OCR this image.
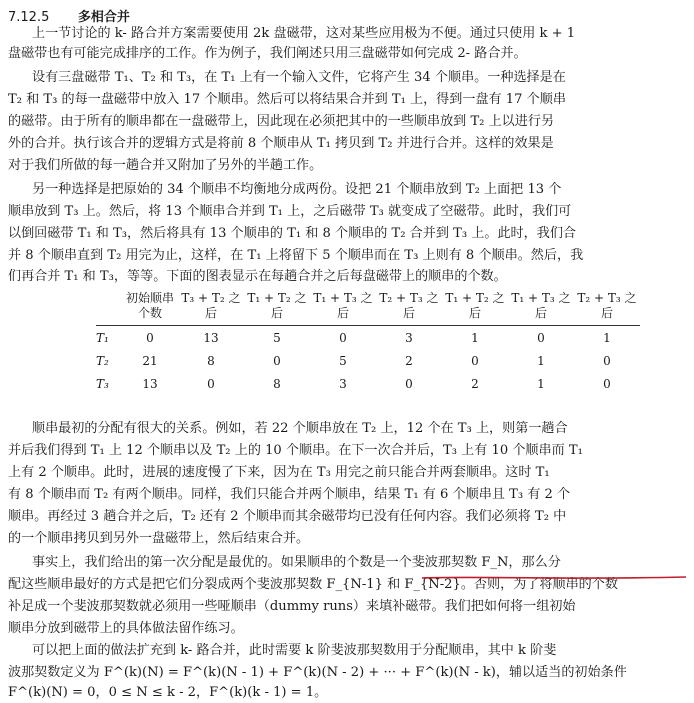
7.12.5 多相合并
上一节讨论的 k- 路合并方案需要使用 2k 盘磁带，这对某些应用极为不便。通过只使用 k + 1
盘磁带也有可能完成排序的工作。作为例子，我们阐述只用三盘磁带如何完成 2- 路合并。
设有三盘磁带 T₁、T₂ 和 T₃，在 T₁ 上有一个输入文件，它将产生 34 个顺串。一种选择是在
T₂ 和 T₃ 的每一盘磁带中放入 17 个顺串。然后可以将结果合并到 T₁ 上，得到一盘有 17 个顺串
的磁带。由于所有的顺串都在一盘磁带上，因此现在必须把其中的一些顺串放到 T₂ 上以进行另
外的合并。执行该合并的逻辑方式是将前 8 个顺串从 T₁ 拷贝到 T₂ 并进行合并。这样的效果是
对于我们所做的每一趟合并又附加了另外的半趟工作。
另一种选择是把原始的 34 个顺串不均衡地分成两份。设把 21 个顺串放到 T₂ 上面把 13 个
顺串放到 T₃ 上。然后，将 13 个顺串合并到 T₁ 上，之后磁带 T₃ 就变成了空磁带。此时，我们可
以倒回磁带 T₁ 和 T₃，然后将具有 13 个顺串的 T₁ 和 8 个顺串的 T₂ 合并到 T₃ 上。此时，我们合
并 8 个顺串直到 T₂ 用完为止，这样，在 T₁ 上将留下 5 个顺串而在 T₃ 上则有 8 个顺串。然后，我
们再合并 T₁ 和 T₃，等等。下面的图表显示在每趟合并之后每盘磁带上的顺串的个数。
	初始顺串个数	T₃ + T₂ 之后	T₁ + T₂ 之后	T₁ + T₃ 之后	T₂ + T₃ 之后	T₁ + T₂ 之后	T₁ + T₃ 之后	T₂ + T₃ 之后
T₁	0	13	5	0	3	1	0	1
T₂	21	8	0	5	2	0	1	0
T₃	13	0	8	3	0	2	1	0
顺串最初的分配有很大的关系。例如，若 22 个顺串放在 T₂ 上，12 个在 T₃ 上，则第一趟合
并后我们得到 T₁ 上 12 个顺串以及 T₂ 上的 10 个顺串。在下一次合并后，T₃ 上有 10 个顺串而 T₁
上有 2 个顺串。此时，进展的速度慢了下来，因为在 T₃ 用完之前只能合并两套顺串。这时 T₁
有 8 个顺串而 T₂ 有两个顺串。同样，我们只能合并两个顺串，结果 T₁ 有 6 个顺串且 T₃ 有 2 个
顺串。再经过 3 趟合并之后，T₂ 还有 2 个顺串而其余磁带均已没有任何内容。我们必须将 T₂ 中
的一个顺串拷贝到另外一盘磁带上，然后结束合并。
事实上，我们给出的第一次分配是最优的。如果顺串的个数是一个斐波那契数 F_N，那么分
配这些顺串最好的方式是把它们分裂成两个斐波那契数 F_{N-1} 和 F_{N-2}。否则，为了将顺串的个数
补足成一个斐波那契数就必须用一些哑顺串（dummy runs）来填补磁带。我们把如何将一组初始
顺串分放到磁带上的具体做法留作练习。
可以把上面的做法扩充到 k- 路合并，此时需要 k 阶斐波那契数用于分配顺串，其中 k 阶斐
波那契数定义为 F^(k)(N) = F^(k)(N - 1) + F^(k)(N - 2) + ··· + F^(k)(N - k)，辅以适当的初始条件
F^(k)(N) = 0，0 ≤ N ≤ k - 2，F^(k)(k - 1) = 1。
